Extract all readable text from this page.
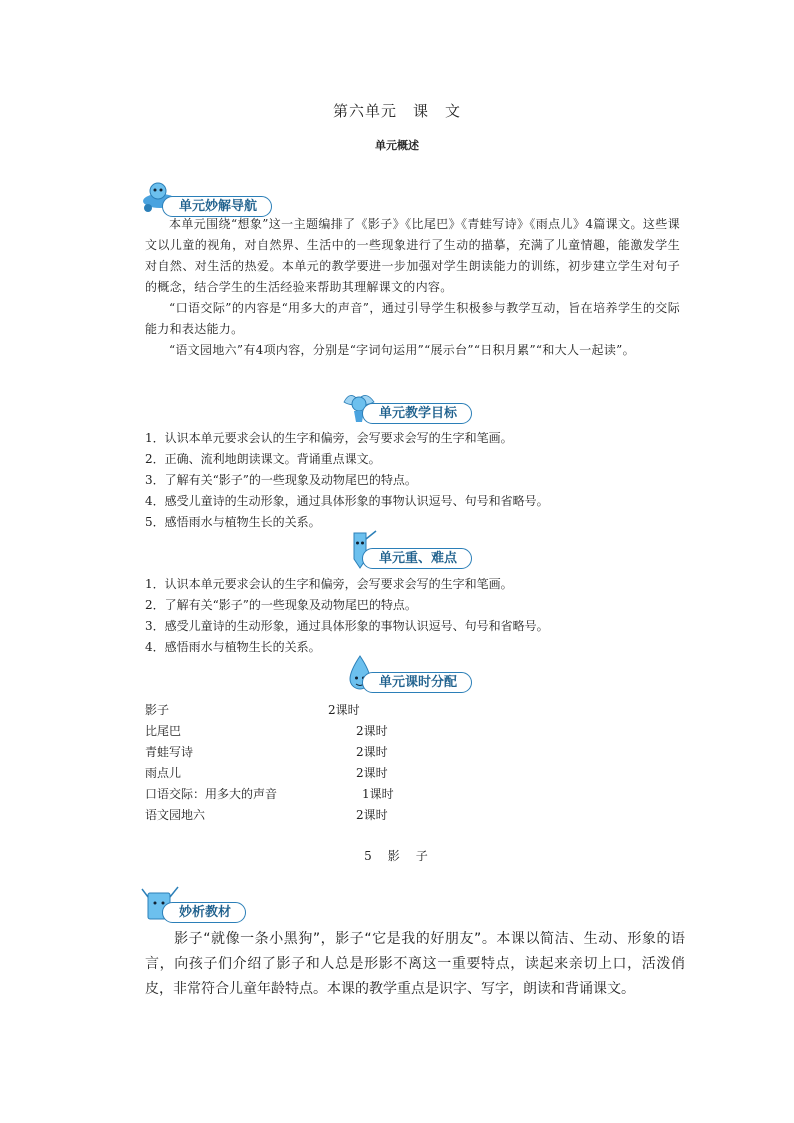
第六单元　课　文
单元概述
单元妙解导航

本单元围绕“想象”这一主题编排了《影子》《比尾巴》《青蛙写诗》《雨点儿》4篇课文。这些课文以儿童的视角，对自然界、生活中的一些现象进行了生动的描摹，充满了儿童情趣，能激发学生对自然、对生活的热爱。本单元的教学要进一步加强对学生朗读能力的训练，初步建立学生对句子的概念，结合学生的生活经验来帮助其理解课文的内容。

“口语交际”的内容是“用多大的声音”，通过引导学生积极参与教学互动，旨在培养学生的交际能力和表达能力。

“语文园地六”有4项内容，分别是“字词句运用”“展示台”“日积月累”“和大人一起读”。

单元教学目标
1．认识本单元要求会认的生字和偏旁，会写要求会写的生字和笔画。
2．正确、流利地朗读课文。背诵重点课文。
3．了解有关“影子”的一些现象及动物尾巴的特点。
4．感受儿童诗的生动形象，通过具体形象的事物认识逗号、句号和省略号。
5．感悟雨水与植物生长的关系。
单元重、难点
1．认识本单元要求会认的生字和偏旁，会写要求会写的生字和笔画。
2．了解有关“影子”的一些现象及动物尾巴的特点。
3．感受儿童诗的生动形象，通过具体形象的事物认识逗号、句号和省略号。
4．感悟雨水与植物生长的关系。
单元课时分配
影子	2课时
比尾巴	2课时
青蛙写诗	2课时
雨点儿	2课时
口语交际：用多大的声音	1课时
语文园地六	2课时
5　影　子
妙析教材

　　影子“就像一条小黑狗”，影子“它是我的好朋友”。本课以简洁、生动、形象的语言，向孩子们介绍了影子和人总是形影不离这一重要特点，读起来亲切上口，活泼俏皮，非常符合儿童年龄特点。本课的教学重点是识字、写字，朗读和背诵课文。
